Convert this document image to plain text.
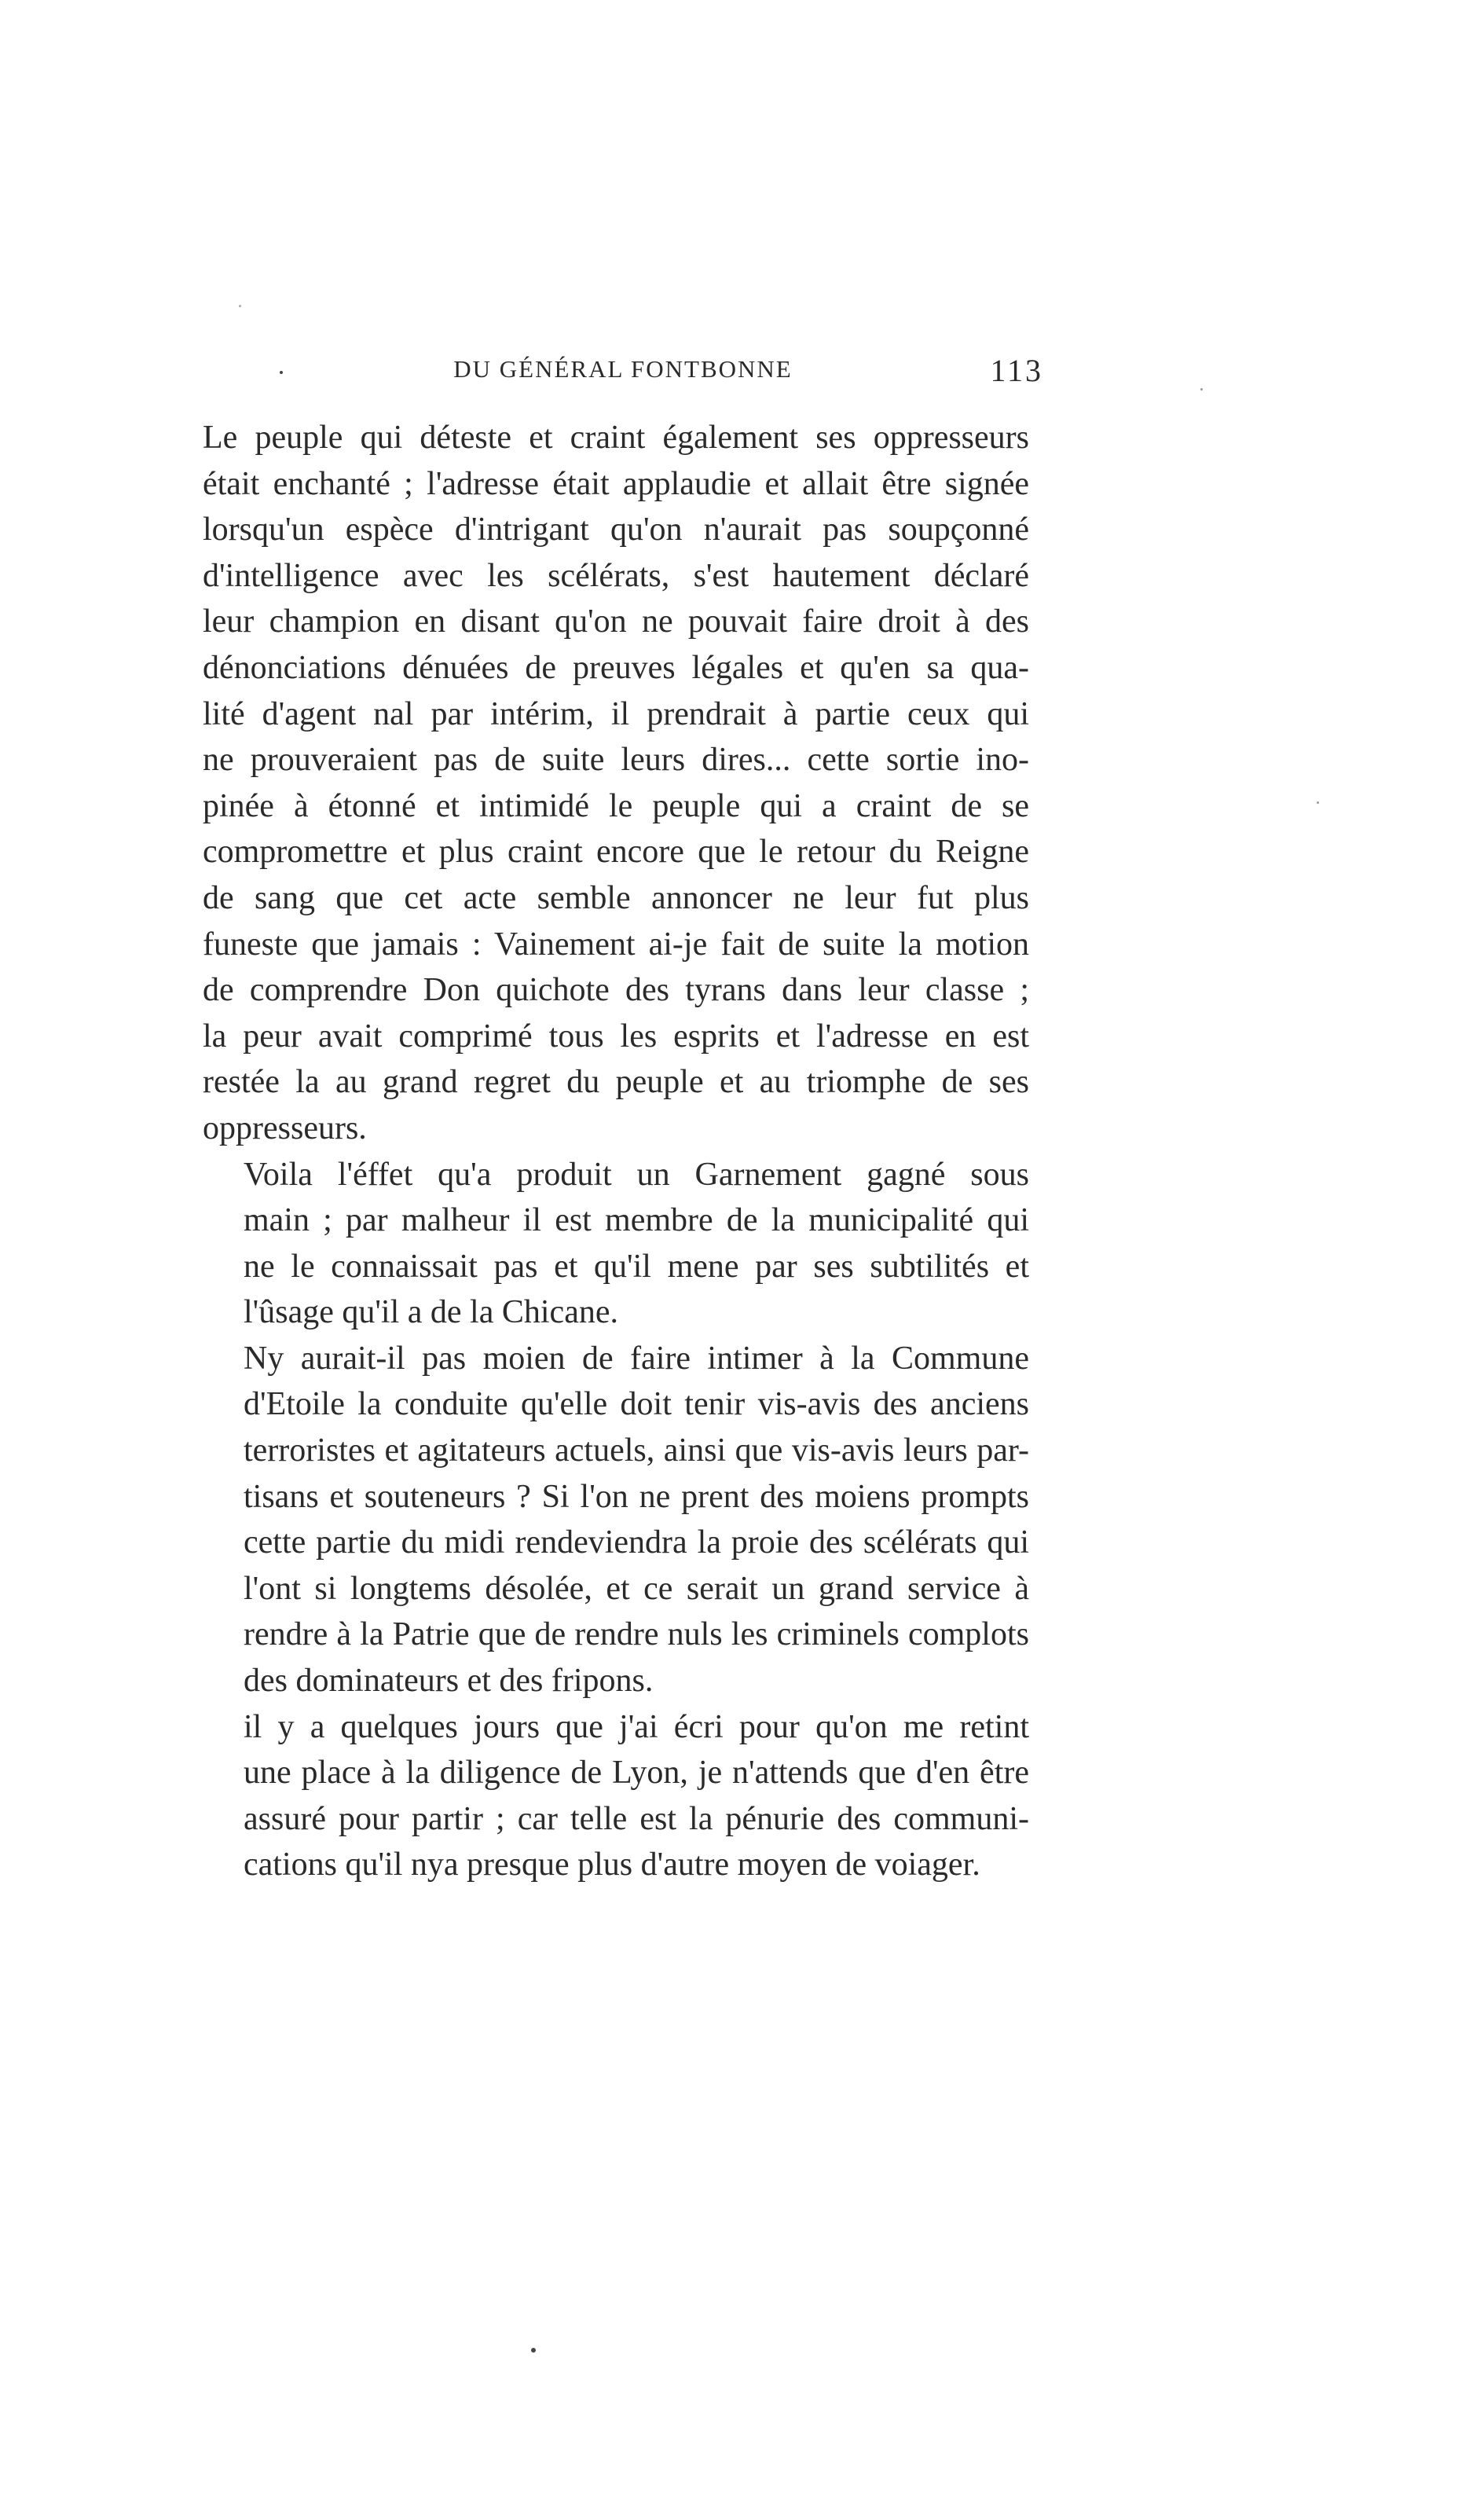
DU GÉNÉRAL FONTBONNE	113

Le peuple qui déteste et craint également ses oppresseurs
était enchanté ; l'adresse était applaudie et allait être signée
lorsqu'un espèce d'intrigant qu'on n'aurait pas soupçonné
d'intelligence avec les scélérats, s'est hautement déclaré
leur champion en disant qu'on ne pouvait faire droit à des
dénonciations dénuées de preuves légales et qu'en sa qua-
lité d'agent nal par intérim, il prendrait à partie ceux qui
ne prouveraient pas de suite leurs dires... cette sortie ino-
pinée à étonné et intimidé le peuple qui a craint de se
compromettre et plus craint encore que le retour du Reigne
de sang que cet acte semble annoncer ne leur fut plus
funeste que jamais : Vainement ai-je fait de suite la motion
de comprendre Don quichote des tyrans dans leur classe ;
la peur avait comprimé tous les esprits et l'adresse en est
restée la au grand regret du peuple et au triomphe de ses
oppresseurs.

Voila l'éffet qu'a produit un Garnement gagné sous
main ; par malheur il est membre de la municipalité qui
ne le connaissait pas et qu'il mene par ses subtilités et
l'ûsage qu'il a de la Chicane.

Ny aurait-il pas moien de faire intimer à la Commune
d'Etoile la conduite qu'elle doit tenir vis-avis des anciens
terroristes et agitateurs actuels, ainsi que vis-avis leurs par-
tisans et souteneurs ? Si l'on ne prent des moiens prompts
cette partie du midi rendeviendra la proie des scélérats qui
l'ont si longtems désolée, et ce serait un grand service à
rendre à la Patrie que de rendre nuls les criminels complots
des dominateurs et des fripons.

il y a quelques jours que j'ai écri pour qu'on me retint
une place à la diligence de Lyon, je n'attends que d'en être
assuré pour partir ; car telle est la pénurie des communi-
cations qu'il nya presque plus d'autre moyen de voiager.
